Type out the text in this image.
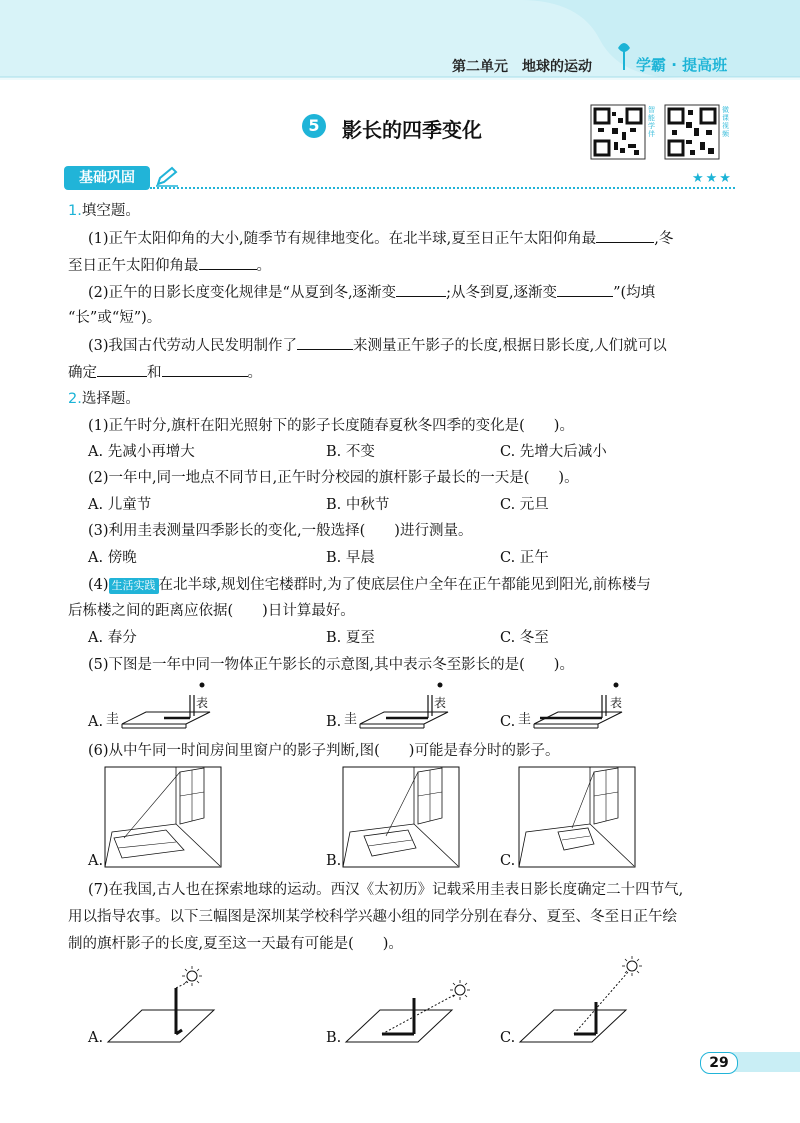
第二单元　地球的运动	学霸 · 提高班
5	影长的四季变化
智能学伴
微课视频
基础巩固	★★★
1.填空题。
(1)正午太阳仰角的大小,随季节有规律地变化。在北半球,夏至日正午太阳仰角最	,冬
至日正午太阳仰角最	。
(2)正午的日影长度变化规律是“从夏到冬,逐渐变	;从冬到夏,逐渐变	”(均填
“长”或“短”)。
(3)我国古代劳动人民发明制作了	来测量正午影子的长度,根据日影长度,人们就可以
确定	和	。
2.选择题。
(1)正午时分,旗杆在阳光照射下的影子长度随春夏秋冬四季的变化是(　　)。
A. 先减小再增大	B. 不变	C. 先增大后减小
(2)一年中,同一地点不同节日,正午时分校园的旗杆影子最长的一天是(　　)。
A. 儿童节	B. 中秋节	C. 元旦
(3)利用圭表测量四季影长的变化,一般选择(　　)进行测量。
A. 傍晚	B. 早晨	C. 正午
(4) 生活实践 在北半球,规划住宅楼群时,为了使底层住户全年在正午都能见到阳光,前栋楼与
后栋楼之间的距离应依据(　　)日计算最好。
A. 春分	B. 夏至	C. 冬至
(5)下图是一年中同一物体正午影长的示意图,其中表示冬至影长的是(　　)。
A. 圭
表
B. 圭
表
C. 圭
表
(6)从中午同一时间房间里窗户的影子判断,图(　　)可能是春分时的影子。
A.	B.	C.
(7)在我国,古人也在探索地球的运动。西汉《太初历》记载采用圭表日影长度确定二十四节气,
用以指导农事。以下三幅图是深圳某学校科学兴趣小组的同学分别在春分、夏至、冬至日正午绘
制的旗杆影子的长度,夏至这一天最有可能是(　　)。
A.	B.	C.
29
